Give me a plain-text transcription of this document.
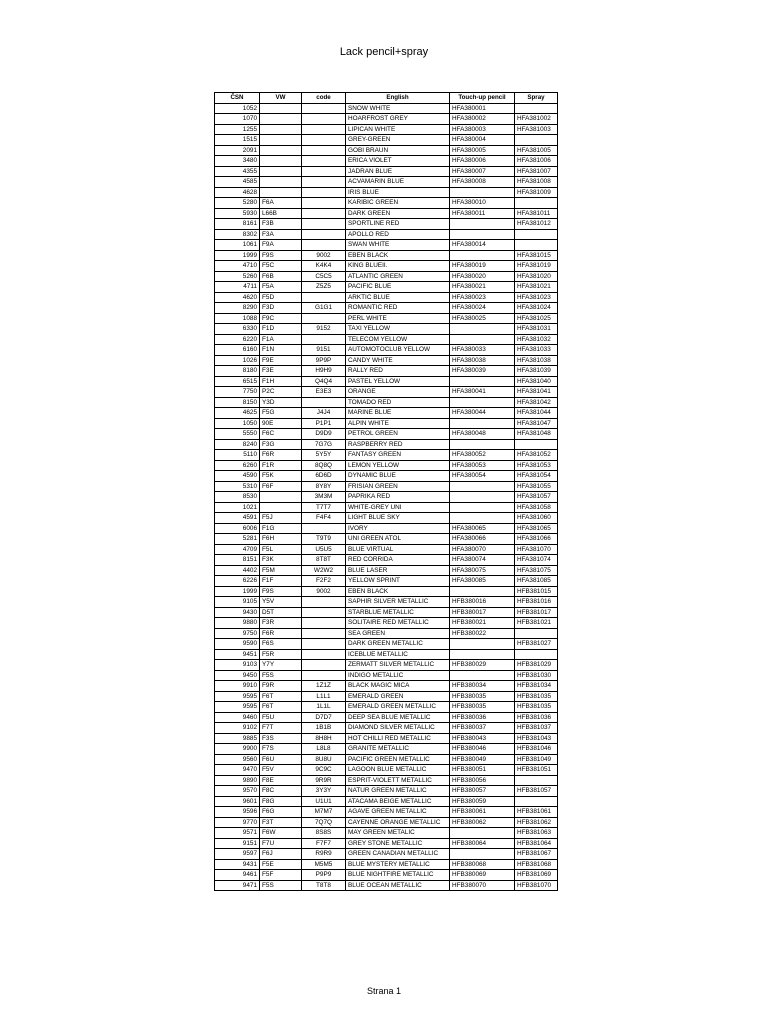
Lack pencil+spray
ČSN	VW	code	English	Touch-up pencil	Spray
1052			SNOW WHITE	HFA380001	
1070			HOARFROST GREY	HFA380002	HFA381002
1255			LIPICAN WHITE	HFA380003	HFA381003
1515			GREY-GREEN	HFA380004	
2091			GOBI BRAUN	HFA380005	HFA381005
3480			ERICA VIOLET	HFA380006	HFA381006
4355			JADRAN BLUE	HFA380007	HFA381007
4585			ACVAMARIN BLUE	HFA380008	HFA381008
4628			IRIS BLUE		HFA381009
5280	F6A		KARIBIC GREEN	HFA380010	
5930	L66B		DARK GREEN	HFA380011	HFA381011
8161	F3B		SPORTLINE RED		HFA381012
8302	F3A		APOLLO RED		
1061	F9A		SWAN WHITE	HFA380014	
1999	F9S	9002	EBEN BLACK		HFA381015
4710	F5C	K4K4	KING BLUEII.	HFA380019	HFA381019
5260	F6B	C5C5	ATLANTIC GREEN	HFA380020	HFA381020
4711	F5A	Z5Z5	PACIFIC BLUE	HFA380021	HFA381021
4620	F5D		ARKTIC BLUE	HFA380023	HFA381023
8290	F3D	G1G1	ROMANTIC RED	HFA380024	HFA381024
1088	F9C		PERL WHITE	HFA380025	HFA381025
6330	F1D	9152	TAXI YELLOW		HFA381031
6220	F1A		TELECOM YELLOW		HFA381032
6160	F1N	9151	AUTOMOTOCLUB YELLOW	HFA380033	HFA381033
1026	F9E	9P9P	CANDY WHITE	HFA380038	HFA381038
8180	F3E	H9H9	RALLY RED	HFA380039	HFA381039
6515	F1H	Q4Q4	PASTEL YELLOW		HFA381040
7750	P2C	E3E3	ORANGE	HFA380041	HFA381041
8150	Y3D		TOMADO RED		HFA381042
4625	F5G	J4J4	MARINE BLUE	HFA380044	HFA381044
1050	90E	P1P1	ALPIN WHITE		HFA381047
5550	F6C	D9D9	PETROL GREEN	HFA380048	HFA381048
8240	F3G	7G7G	RASPBERRY RED		
5110	F6R	5Y5Y	FANTASY GREEN	HFA380052	HFA381052
6260	F1R	8Q8Q	LEMON YELLOW	HFA380053	HFA381053
4590	F5K	6D6D	DYNAMIC BLUE	HFA380054	HFA381054
5310	F6F	8Y8Y	FRISIAN GREEN		HFA381055
8530		3M3M	PAPRIKA RED		HFA381057
1021		T7T7	WHITE-GREY UNI		HFA381058
4591	F5J	F4F4	LIGHT BLUE SKY		HFA381060
6006	F1G		IVORY	HFA380065	HFA381065
5281	F6H	T9T9	UNI GREEN ATOL	HFA380066	HFA381066
4709	F5L	U5U5	BLUE VIRTUAL	HFA380070	HFA381070
8151	F3K	8T8T	RED CORRIDA	HFA380074	HFA381074
4402	F5M	W2W2	BLUE LASER	HFA380075	HFA381075
6226	F1F	F2F2	YELLOW SPRINT	HFA380085	HFA381085
1999	F9S	9002	EBEN BLACK		HFB381015
9105	Y5V		SAPHIR SILVER METALLIC	HFB380016	HFB381016
9430	D5T		STARBLUE METALLIC	HFB380017	HFB381017
9880	F3R		SOLITAIRE RED METALLIC	HFB380021	HFB381021
9750	F6R		SEA GREEN	HFB380022	
9590	F6S		DARK GREEN METALLIC		HFB381027
9451	F5R		ICEBLUE METALLIC		
9103	Y7Y		ZERMATT SILVER METALLIC	HFB380029	HFB381029
9450	F5S		INDIGO METALLIC		HFB381030
9910	F9R	1Z1Z	BLACK MAGIC MICA	HFB380034	HFB381034
9595	F6T	L1L1	EMERALD GREEN	HFB380035	HFB381035
9595	F6T	1L1L	EMERALD GREEN METALLIC	HFB380035	HFB381035
9460	F5U	D7D7	DEEP SEA BLUE METALLIC	HFB380036	HFB381036
9102	F7T	1B1B	DIAMOND SILVER METALLIC	HFB380037	HFB381037
9885	F3S	8H8H	HOT CHILLI RED METALLIC	HFB380043	HFB381043
9900	F7S	L8L8	GRANITE METALLIC	HFB380046	HFB381046
9560	F6U	8U8U	PACIFIC GREEN METALLIC	HFB380049	HFB381049
9470	F5V	9C9C	LAGOON BLUE METALLIC	HFB380051	HFB381051
9890	F8E	9R9R	ESPRIT-VIOLETT METALLIC	HFB380056	
9570	F8C	3Y3Y	NATUR GREEN METALLIC	HFB380057	HFB381057
9601	F8G	U1U1	ATACAMA BEIGE METALLIC	HFB380059	
9596	F6G	M7M7	AGAVE GREEN METALLIC	HFB380061	HFB381061
9770	F3T	7Q7Q	CAYENNE ORANGE METALLIC	HFB380062	HFB381062
9571	F6W	8S8S	MAY GREEN METALIC		HFB381063
9151	F7U	F7F7	GREY STONE METALLIC	HFB380064	HFB381064
9597	F6J	R9R9	GREEN CANADIAN METALLIC		HFB381067
9431	F5E	M5M5	BLUE MYSTERY METALLIC	HFB380068	HFB381068
9461	F5F	P9P9	BLUE NIGHTFIRE METALLIC	HFB380069	HFB381069
9471	F5S	T8T8	BLUE OCEAN METALLIC	HFB380070	HFB381070
Strana 1
